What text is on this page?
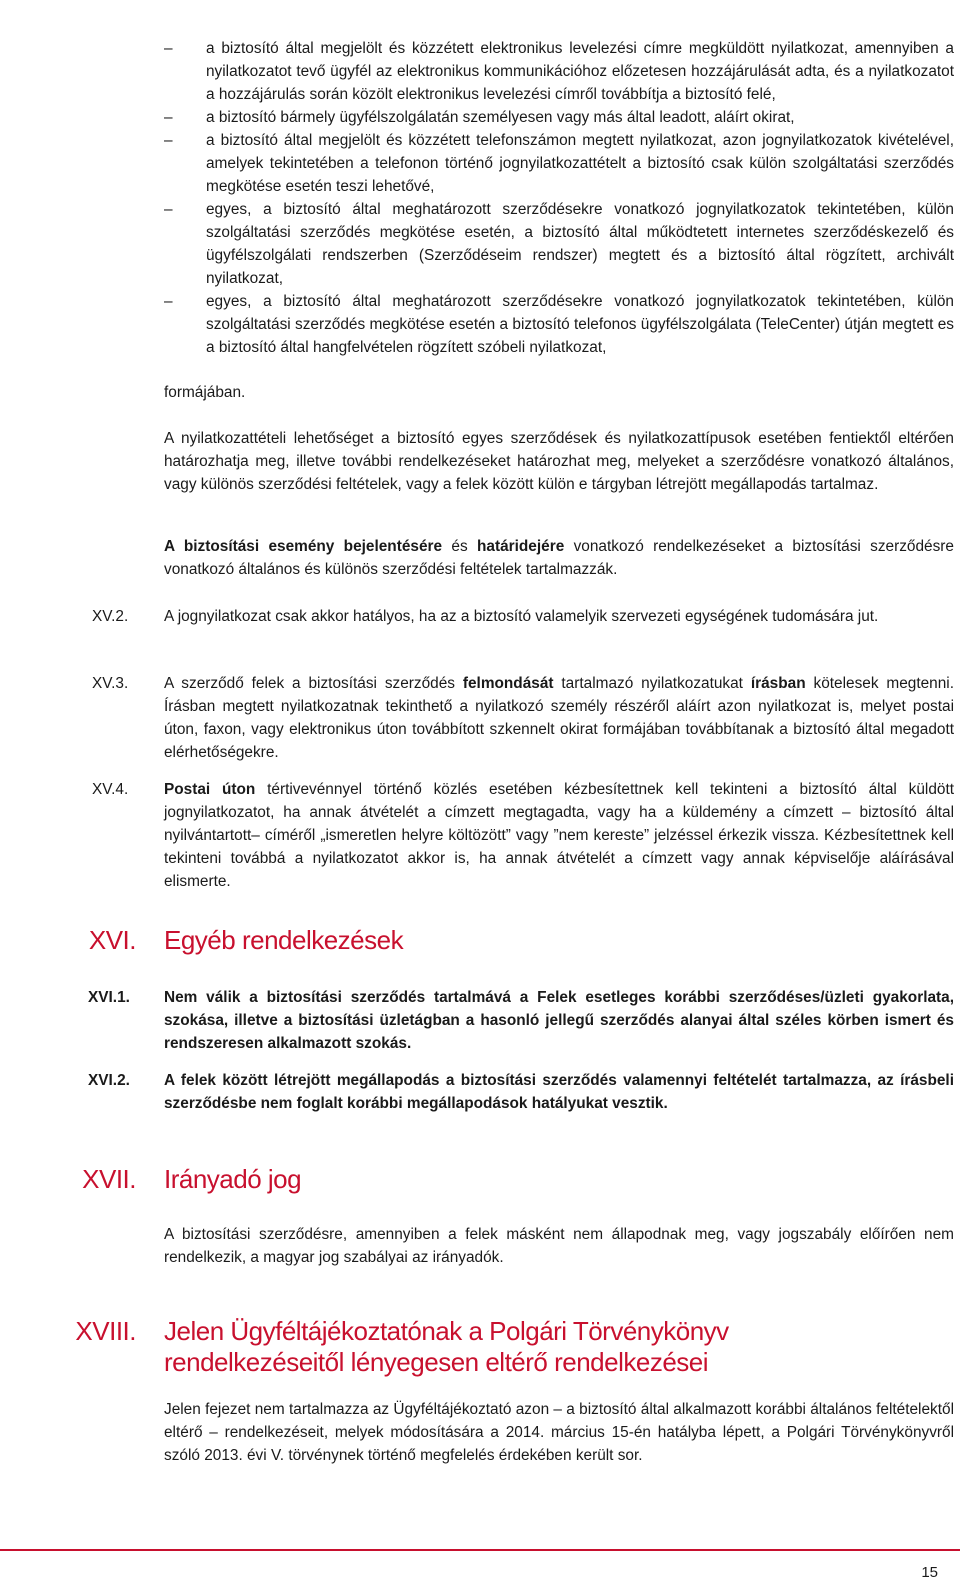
– a biztosító által megjelölt és közzétett elektronikus levelezési címre megküldött nyilatkozat, amennyiben a nyilatkozatot tevő ügyfél az elektronikus kommunikációhoz előzetesen hozzájárulását adta, és a nyilatkozatot a hozzájárulás során közölt elektronikus levelezési címről továbbítja a biztosító felé,
– a biztosító bármely ügyfélszolgálatán személyesen vagy más által leadott, aláírt okirat,
– a biztosító által megjelölt és közzétett telefonszámon megtett nyilatkozat, azon jognyilatkozatok kivételével, amelyek tekintetében a telefonon történő jognyilatkozattételt a biztosító csak külön szolgáltatási szerződés megkötése esetén teszi lehetővé,
– egyes, a biztosító által meghatározott szerződésekre vonatkozó jognyilatkozatok tekintetében, külön szolgáltatási szerződés megkötése esetén, a biztosító által működtetett internetes szerződéskezelő és ügyfélszolgálati rendszerben (Szerződéseim rendszer) megtett és a biztosító által rögzített, archivált nyilatkozat,
– egyes, a biztosító által meghatározott szerződésekre vonatkozó jognyilatkozatok tekintetében, külön szolgáltatási szerződés megkötése esetén a biztosító telefonos ügyfélszolgálata (TeleCenter) útján megtett es a biztosító által hangfelvételen rögzített szóbeli nyilatkozat,

formájában.

A nyilatkozattételi lehetőséget a biztosító egyes szerződések és nyilatkozattípusok esetében fentiektől eltérően határozhatja meg, illetve további rendelkezéseket határozhat meg, melyeket a szerződésre vonatkozó általános, vagy különös szerződési feltételek, vagy a felek között külön e tárgyban létrejött megállapodás tartalmaz.

A biztosítási esemény bejelentésére és határidejére vonatkozó rendelkezéseket a biztosítási szerződésre vonatkozó általános és különös szerződési feltételek tartalmazzák.

XV.2.	A jognyilatkozat csak akkor hatályos, ha az a biztosító valamelyik szervezeti egységének tudomására jut.

XV.3.	A szerződő felek a biztosítási szerződés felmondását tartalmazó nyilatkozatukat írásban kötelesek megtenni. Írásban megtett nyilatkozatnak tekinthető a nyilatkozó személy részéről aláírt azon nyilatkozat is, melyet postai úton, faxon, vagy elektronikus úton továbbított szkennelt okirat formájában továbbítanak a biztosító által megadott elérhetőségekre.

XV.4.	Postai úton tértivevénnyel történő közlés esetében kézbesítettnek kell tekinteni a biztosító által küldött jognyilatkozatot, ha annak átvételét a címzett megtagadta, vagy ha a küldemény a címzett – biztosító által nyilvántartott– címéről „ismeretlen helyre költözött” vagy ”nem kereste” jelzéssel érkezik vissza. Kézbesítettnek kell tekinteni továbbá a nyilatkozatot akkor is, ha annak átvételét a címzett vagy annak képviselője aláírásával elismerte.

XVI. Egyéb rendelkezések
XVI.1. Nem válik a biztosítási szerződés tartalmává a Felek esetleges korábbi szerződéses/üzleti gyakorlata, szokása, illetve a biztosítási üzletágban a hasonló jellegű szerződés alanyai által széles körben ismert és rendszeresen alkalmazott szokás.

XVI.2. A felek között létrejött megállapodás a biztosítási szerződés valamennyi feltételét tartalmazza, az írásbeli szerződésbe nem foglalt korábbi megállapodások hatályukat vesztik.

XVII. Irányadó jog

A biztosítási szerződésre, amennyiben a felek másként nem állapodnak meg, vagy jogszabály előírően nem rendelkezik, a magyar jog szabályai az irányadók.

XVIII. Jelen Ügyféltájékoztatónak a Polgári Törvénykönyv
rendelkezéseitől lényegesen eltérő rendelkezései

Jelen fejezet nem tartalmazza az Ügyféltájékoztató azon – a biztosító által alkalmazott korábbi általános feltételektől eltérő – rendelkezéseit, melyek módosítására a 2014. március 15-én hatályba lépett, a Polgári Törvénykönyvről szóló 2013. évi V. törvénynek történő megfelelés érdekében került sor.

15
